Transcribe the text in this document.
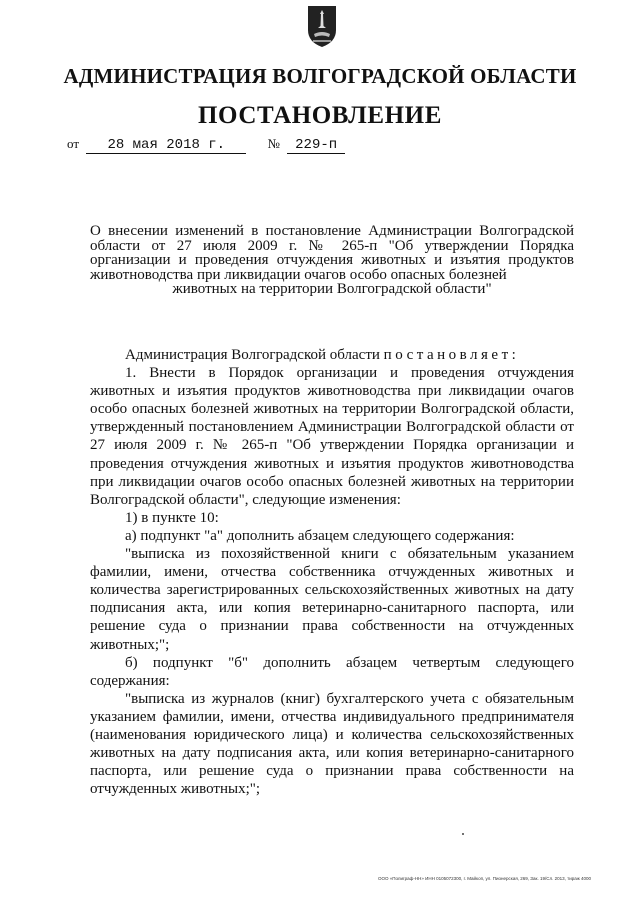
АДМИНИСТРАЦИЯ ВОЛГОГРАДСКОЙ ОБЛАСТИ
ПОСТАНОВЛЕНИЕ
от 28 мая 2018 г.	№ 229-п
О внесении изменений в постановление Администрации Волгоградской области от 27 июля 2009 г. № 265-п "Об утверждении Порядка организации и проведения отчуждения животных и изъятия продуктов животноводства при ликвидации очагов особо опасных болезней
животных на территории Волгоградской области"

Администрация Волгоградской области постановляет:

1. Внести в Порядок организации и проведения отчуждения животных и изъятия продуктов животноводства при ликвидации очагов особо опасных болезней животных на территории Волгоградской области, утвержденный постановлением Администрации Волгоградской области от 27 июля 2009 г. № 265-п "Об утверждении Порядка организации и проведения отчуждения животных и изъятия продуктов животноводства при ликвидации очагов особо опасных болезней животных на территории Волгоградской области", следующие изменения:

1) в пункте 10:

а) подпункт "а" дополнить абзацем следующего содержания:

"выписка из похозяйственной книги с обязательным указанием фамилии, имени, отчества собственника отчужденных животных и количества зарегистрированных сельскохозяйственных животных на дату подписания акта, или копия ветеринарно-санитарного паспорта, или решение суда о признании права собственности на отчужденных животных;";

б) подпункт "б" дополнить абзацем четвертым следующего содержания:

"выписка из журналов (книг) бухгалтерского учета с обязательным указанием фамилии, имени, отчества индивидуального предпринимателя (наименования юридического лица) и количества сельскохозяйственных животных на дату подписания акта, или копия ветеринарно-санитарного паспорта, или решение суда о признании права собственности на отчужденных животных;";

ООО «Полиграф-НН» ИНН 0105072300, г. Майкоп, ул. Пионерская, 269, Зак. 19/Сл. 2013, тираж 4000
